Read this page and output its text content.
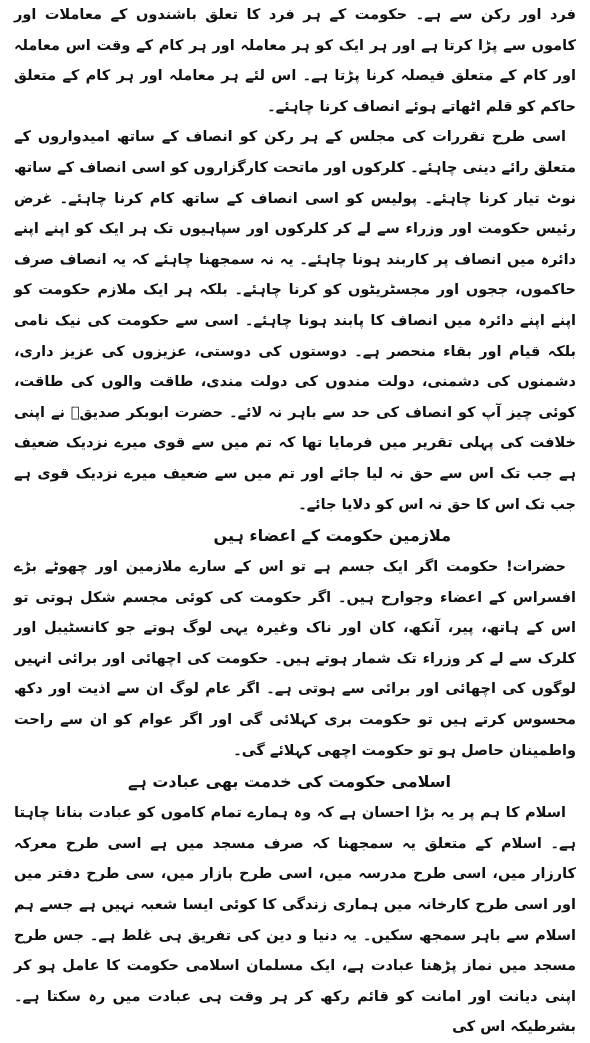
فرد اور رکن سے ہے۔ حکومت کے ہر فرد کا تعلق باشندوں کے معاملات اور کاموں سے پڑا کرتا ہے اور ہر ایک کو ہر معاملہ اور ہر کام کے وقت اس معاملہ اور کام کے متعلق فیصلہ کرنا پڑتا ہے۔ اس لئے ہر معاملہ اور ہر کام کے متعلق حاکم کو قلم اٹھاتے ہوئے انصاف کرنا چاہئے۔

اسی طرح تقررات کی مجلس کے ہر رکن کو انصاف کے ساتھ امیدواروں کے متعلق رائے دینی چاہئے۔ کلرکوں اور ماتحت کارگزاروں کو اسی انصاف کے ساتھ نوٹ تیار کرنا چاہئے۔ پولیس کو اسی انصاف کے ساتھ کام کرنا چاہئے۔ غرض رئیس حکومت اور وزراء سے لے کر کلرکوں اور سپاہیوں تک ہر ایک کو اپنے اپنے دائرہ میں انصاف پر کاربند ہونا چاہئے۔ یہ نہ سمجھنا چاہئے کہ یہ انصاف صرف حاکموں، ججوں اور مجسٹریٹوں کو کرنا چاہئے۔ بلکہ ہر ایک ملازم حکومت کو اپنے اپنے دائرہ میں انصاف کا پابند ہونا چاہئے۔ اسی سے حکومت کی نیک نامی بلکہ قیام اور بقاء منحصر ہے۔ دوستوں کی دوستی، عزیزوں کی عزیز داری، دشمنوں کی دشمنی، دولت مندوں کی دولت مندی، طاقت والوں کی طاقت، کوئی چیز آپ کو انصاف کی حد سے باہر نہ لائے۔ حضرت ابوبکر صدیقؓ نے اپنی خلافت کی پہلی تقریر میں فرمایا تھا کہ تم میں سے قوی میرے نزدیک ضعیف ہے جب تک اس سے حق نہ لیا جائے اور تم میں سے ضعیف میرے نزدیک قوی ہے جب تک اس کا حق نہ اس کو دلایا جائے۔

ملازمین حکومت کے اعضاء ہیں

حضرات! حکومت اگر ایک جسم ہے تو اس کے سارے ملازمین اور چھوٹے بڑے افسراس کے اعضاء وجوارح ہیں۔ اگر حکومت کی کوئی مجسم شکل ہوتی تو اس کے ہاتھ، پیر، آنکھ، کان اور ناک وغیرہ یہی لوگ ہوتے جو کانسٹیبل اور کلرک سے لے کر وزراء تک شمار ہوتے ہیں۔ حکومت کی اچھائی اور برائی انہیں لوگوں کی اچھائی اور برائی سے ہوتی ہے۔ اگر عام لوگ ان سے اذیت اور دکھ محسوس کرتے ہیں تو حکومت بری کہلائی گی اور اگر عوام کو ان سے راحت واطمینان حاصل ہو تو حکومت اچھی کہلائے گی۔

اسلامی حکومت کی خدمت بھی عبادت ہے

اسلام کا ہم پر یہ بڑا احسان ہے کہ وہ ہمارے تمام کاموں کو عبادت بنانا چاہتا ہے۔ اسلام کے متعلق یہ سمجھنا کہ صرف مسجد میں ہے اسی طرح معرکہ کارزار میں، اسی طرح مدرسہ میں، اسی طرح بازار میں، سی طرح دفتر میں اور اسی طرح کارخانہ میں ہماری زندگی کا کوئی ایسا شعبہ نہیں ہے جسے ہم اسلام سے باہر سمجھ سکیں۔ یہ دنیا و دین کی تفریق ہی غلط ہے۔ جس طرح مسجد میں نماز پڑھنا عبادت ہے، ایک مسلمان اسلامی حکومت کا عامل ہو کر اپنی دیانت اور امانت کو قائم رکھ کر ہر وقت ہی عبادت میں رہ سکتا ہے۔ بشرطیکہ اس کی
